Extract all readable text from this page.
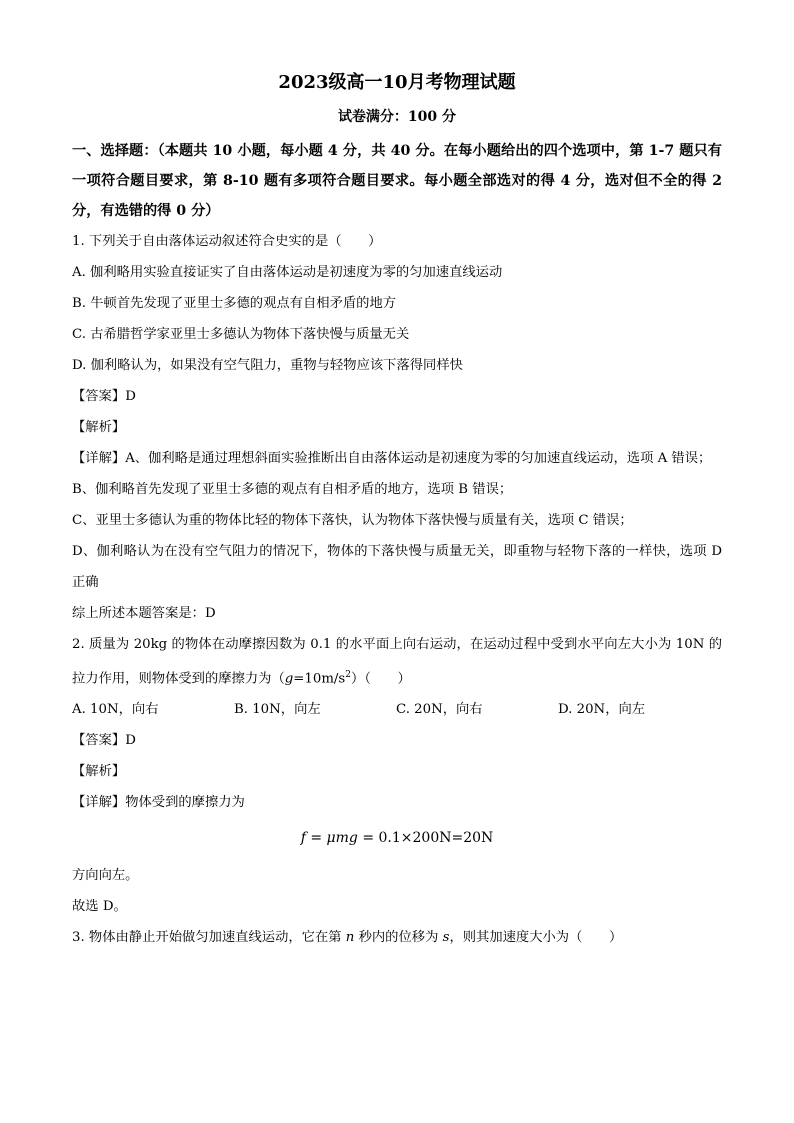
2023级高一10月考物理试题
试卷满分：100 分
一、选择题：（本题共 10 小题，每小题 4 分，共 40 分。在每小题给出的四个选项中，第 1-7 题只有一项符合题目要求，第 8-10 题有多项符合题目要求。每小题全部选对的得 4 分，选对但不全的得 2 分，有选错的得 0 分）

1. 下列关于自由落体运动叙述符合史实的是（　　）

A. 伽利略用实验直接证实了自由落体运动是初速度为零的匀加速直线运动

B. 牛顿首先发现了亚里士多德的观点有自相矛盾的地方

C. 古希腊哲学家亚里士多德认为物体下落快慢与质量无关

D. 伽利略认为，如果没有空气阻力，重物与轻物应该下落得同样快

【答案】D

【解析】

【详解】A、伽利略是通过理想斜面实验推断出自由落体运动是初速度为零的匀加速直线运动，选项 A 错误；

B、伽利略首先发现了亚里士多德的观点有自相矛盾的地方，选项 B 错误；

C、亚里士多德认为重的物体比轻的物体下落快，认为物体下落快慢与质量有关，选项 C 错误；

D、伽利略认为在没有空气阻力的情况下，物体的下落快慢与质量无关，即重物与轻物下落的一样快，选项 D 正确

综上所述本题答案是：D

2. 质量为 20kg 的物体在动摩擦因数为 0.1 的水平面上向右运动，在运动过程中受到水平向左大小为 10N 的拉力作用，则物体受到的摩擦力为$(g=10m/s^2)$（　　）

A. 10N，向右	B. 10N，向左	C. 20N，向右	D. 20N，向左

【答案】D

【解析】

【详解】物体受到的摩擦力为

f = μmg = 0.1×200N=20N

方向向左。

故选 D。

3. 物体由静止开始做匀加速直线运动，它在第 n 秒内的位移为 s，则其加速度大小为（　　）
